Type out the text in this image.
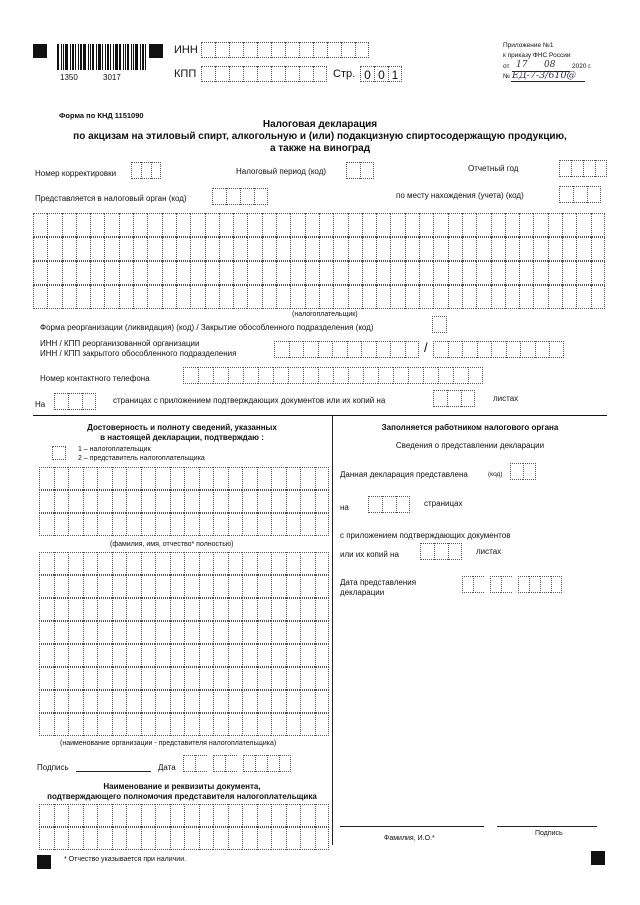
1350	3017
ИНН
КПП	Стр. 0 0 1
Приложение №1
к приказу ФНС России
от 17 08	2020 г.
№ ЕД-7-3/610@
Форма по КНД 1151090
Налоговая декларация
по акцизам на этиловый спирт, алкогольную и (или) подакцизную спиртосодержащую продукцию,
а также на виноград
Номер корректировки	Налоговый период (код)	Отчетный год
Представляется в налоговый орган (код)	по месту нахождения (учета) (код)
(налогоплательщик)
Форма реорганизации (ликвидация) (код) / Закрытие обособленного подразделения (код)
ИНН / КПП реорганизованной организации
ИНН / КПП закрытого обособленного подразделения	/
Номер контактного телефона
На	страницах с приложением подтверждающих документов или их копий на	листах
Достоверность и полноту сведений, указанных
в настоящей декларации, подтверждаю :
1 – налогоплательщик
2 – представитель налогоплательщика
(фамилия, имя, отчество* полностью)
(наименование организации - представителя налогоплательщика)
Подпись	Дата
Наименование и реквизиты документа,
подтверждающего полномочия представителя налогоплательщика
* Отчество указывается при наличии.
Заполняется работником налогового органа
Сведения о представлении декларации
Данная декларация представлена	(код)
на	страницах
с приложением подтверждающих документов
или их копий на	листах
Дата представления
декларации
Фамилия, И.О.*
Подпись
